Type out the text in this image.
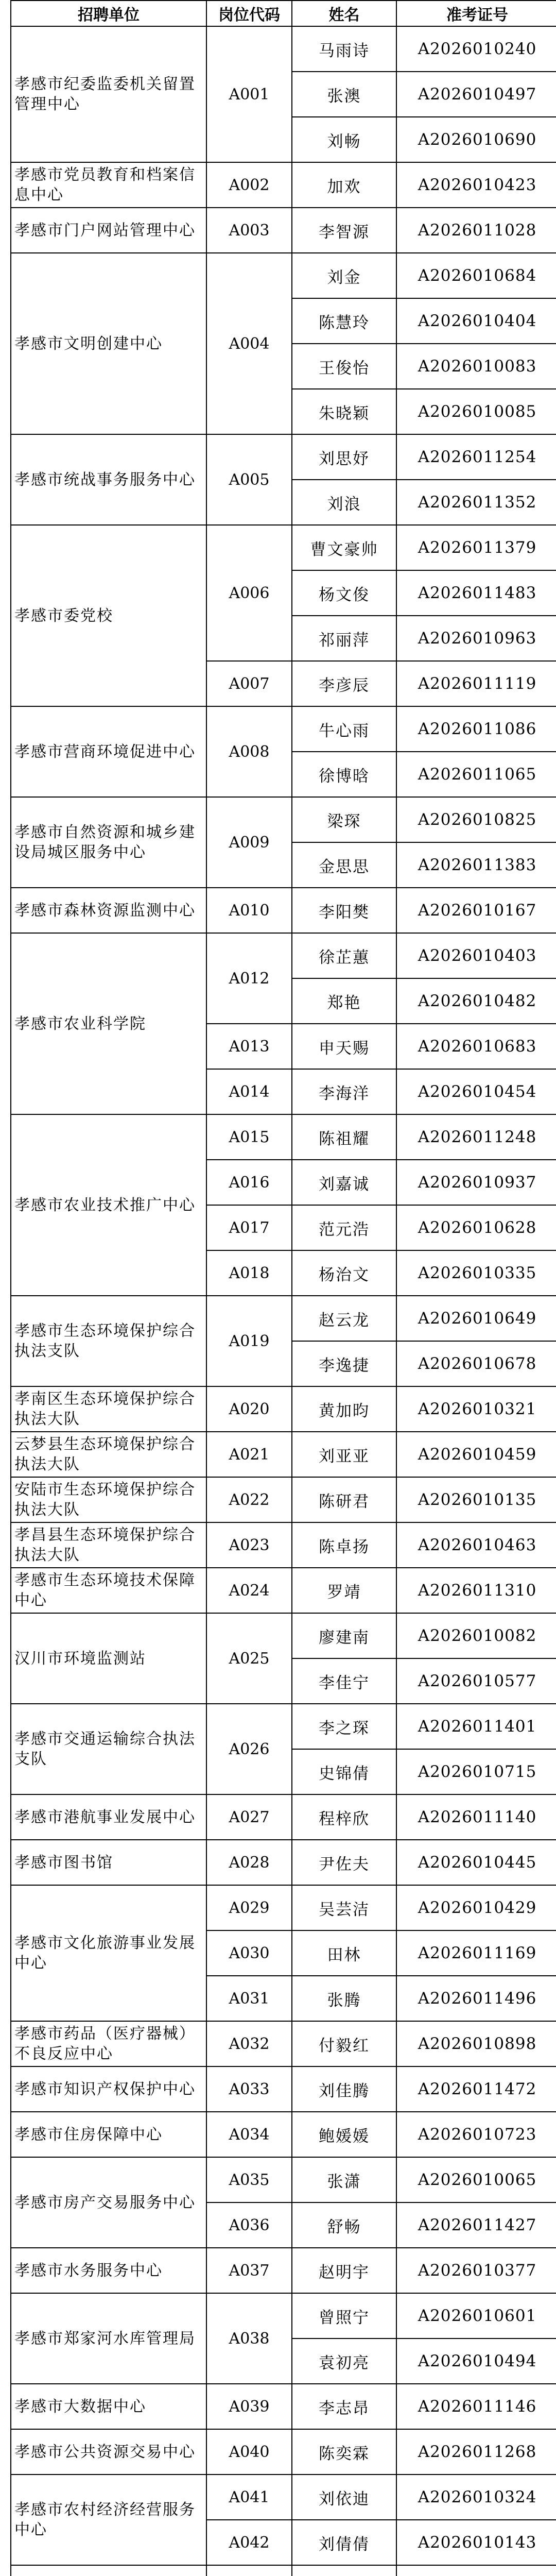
招聘单位	岗位代码	姓名	准考证号
孝感市纪委监委机关留置管理中心	A001	马雨诗	A2026010240
		张澳	A2026010497
		刘畅	A2026010690
孝感市党员教育和档案信息中心	A002	加欢	A2026010423
孝感市门户网站管理中心	A003	李智源	A2026011028
孝感市文明创建中心	A004	刘金	A2026010684
		陈慧玲	A2026010404
		王俊怡	A2026010083
		朱晓颖	A2026010085
孝感市统战事务服务中心	A005	刘思妤	A2026011254
		刘浪	A2026011352
孝感市委党校	A006	曹文豪帅	A2026011379
		杨文俊	A2026011483
		祁丽萍	A2026010963
	A007	李彦辰	A2026011119
孝感市营商环境促进中心	A008	牛心雨	A2026011086
		徐博晗	A2026011065
孝感市自然资源和城乡建设局城区服务中心	A009	梁琛	A2026010825
		金思思	A2026011383
孝感市森林资源监测中心	A010	李阳樊	A2026010167
孝感市农业科学院	A012	徐芷蕙	A2026010403
		郑艳	A2026010482
	A013	申天赐	A2026010683
	A014	李海洋	A2026010454
孝感市农业技术推广中心	A015	陈祖耀	A2026011248
	A016	刘嘉诚	A2026010937
	A017	范元浩	A2026010628
	A018	杨治文	A2026010335
孝感市生态环境保护综合执法支队	A019	赵云龙	A2026010649
		李逸捷	A2026010678
孝南区生态环境保护综合执法大队	A020	黄加昀	A2026010321
云梦县生态环境保护综合执法大队	A021	刘亚亚	A2026010459
安陆市生态环境保护综合执法大队	A022	陈研君	A2026010135
孝昌县生态环境保护综合执法大队	A023	陈卓扬	A2026010463
孝感市生态环境技术保障中心	A024	罗靖	A2026011310
汉川市环境监测站	A025	廖建南	A2026010082
		李佳宁	A2026010577
孝感市交通运输综合执法支队	A026	李之琛	A2026011401
		史锦倩	A2026010715
孝感市港航事业发展中心	A027	程梓欣	A2026011140
孝感市图书馆	A028	尹佐夫	A2026010445
孝感市文化旅游事业发展中心	A029	吴芸洁	A2026010429
	A030	田林	A2026011169
	A031	张腾	A2026011496
孝感市药品（医疗器械）不良反应中心	A032	付毅红	A2026010898
孝感市知识产权保护中心	A033	刘佳腾	A2026011472
孝感市住房保障中心	A034	鲍媛媛	A2026010723
孝感市房产交易服务中心	A035	张潇	A2026010065
	A036	舒畅	A2026011427
孝感市水务服务中心	A037	赵明宇	A2026010377
孝感市郑家河水库管理局	A038	曾照宁	A2026010601
		袁初亮	A2026010494
孝感市大数据中心	A039	李志昂	A2026011146
孝感市公共资源交易中心	A040	陈奕霖	A2026011268
孝感市农村经济经营服务中心	A041	刘依迪	A2026010324
	A042	刘倩倩	A2026010143
